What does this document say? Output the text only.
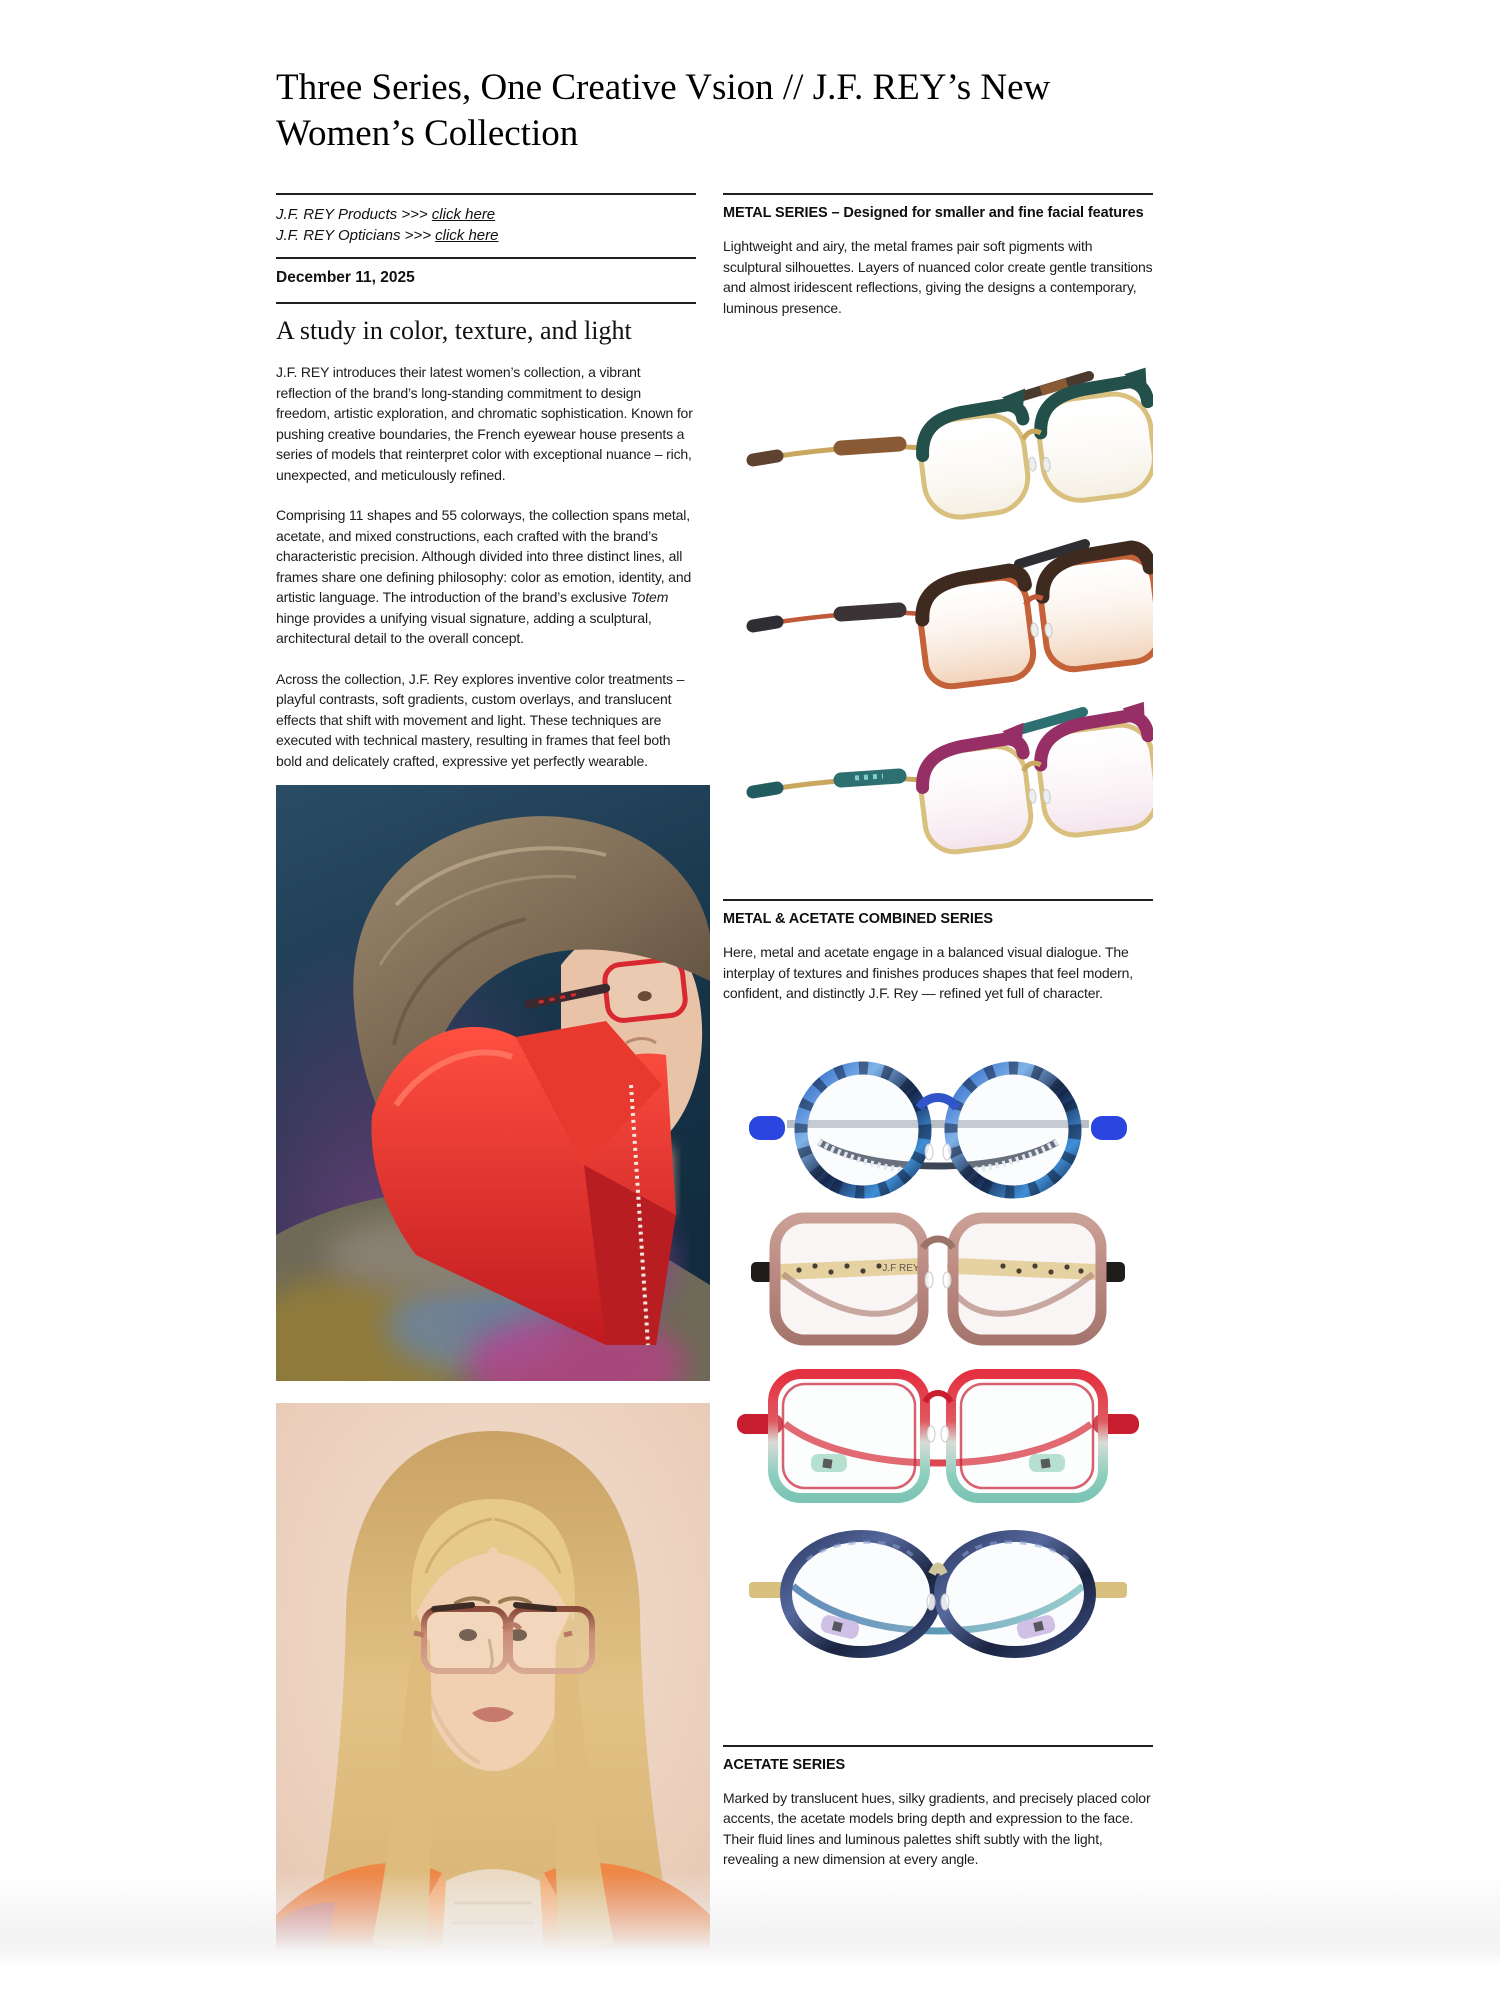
Three Series, One Creative Vsion // J.F. REY’s New Women’s Collection
J.F. REY Products >>> click here
J.F. REY Opticians >>> click here
December 11, 2025
A study in color, texture, and light

J.F. REY introduces their latest women’s collection, a vibrant reflection of the brand’s long-standing commitment to design freedom, artistic exploration, and chromatic sophistication. Known for pushing creative boundaries, the French eyewear house presents a series of models that reinterpret color with exceptional nuance – rich, unexpected, and meticulously refined.

Comprising 11 shapes and 55 colorways, the collection spans metal, acetate, and mixed constructions, each crafted with the brand’s characteristic precision. Although divided into three distinct lines, all frames share one defining philosophy: color as emotion, identity, and artistic language. The introduction of the brand’s exclusive Totem hinge provides a unifying visual signature, adding a sculptural, architectural detail to the overall concept.

Across the collection, J.F. Rey explores inventive color treatments – playful contrasts, soft gradients, custom overlays, and translucent effects that shift with movement and light. These techniques are executed with technical mastery, resulting in frames that feel both bold and delicately crafted, expressive yet perfectly wearable.

METAL SERIES – Designed for smaller and fine facial features

Lightweight and airy, the metal frames pair soft pigments with sculptural silhouettes. Layers of nuanced color create gentle transitions and almost iridescent reflections, giving the designs a contemporary, luminous presence.

METAL & ACETATE COMBINED SERIES

Here, metal and acetate engage in a balanced visual dialogue. The interplay of textures and finishes produces shapes that feel modern, confident, and distinctly J.F. Rey — refined yet full of character.

ACETATE SERIES

Marked by translucent hues, silky gradients, and precisely placed color accents, the acetate models bring depth and expression to the face. Their fluid lines and luminous palettes shift subtly with the light, revealing a new dimension at every angle.
